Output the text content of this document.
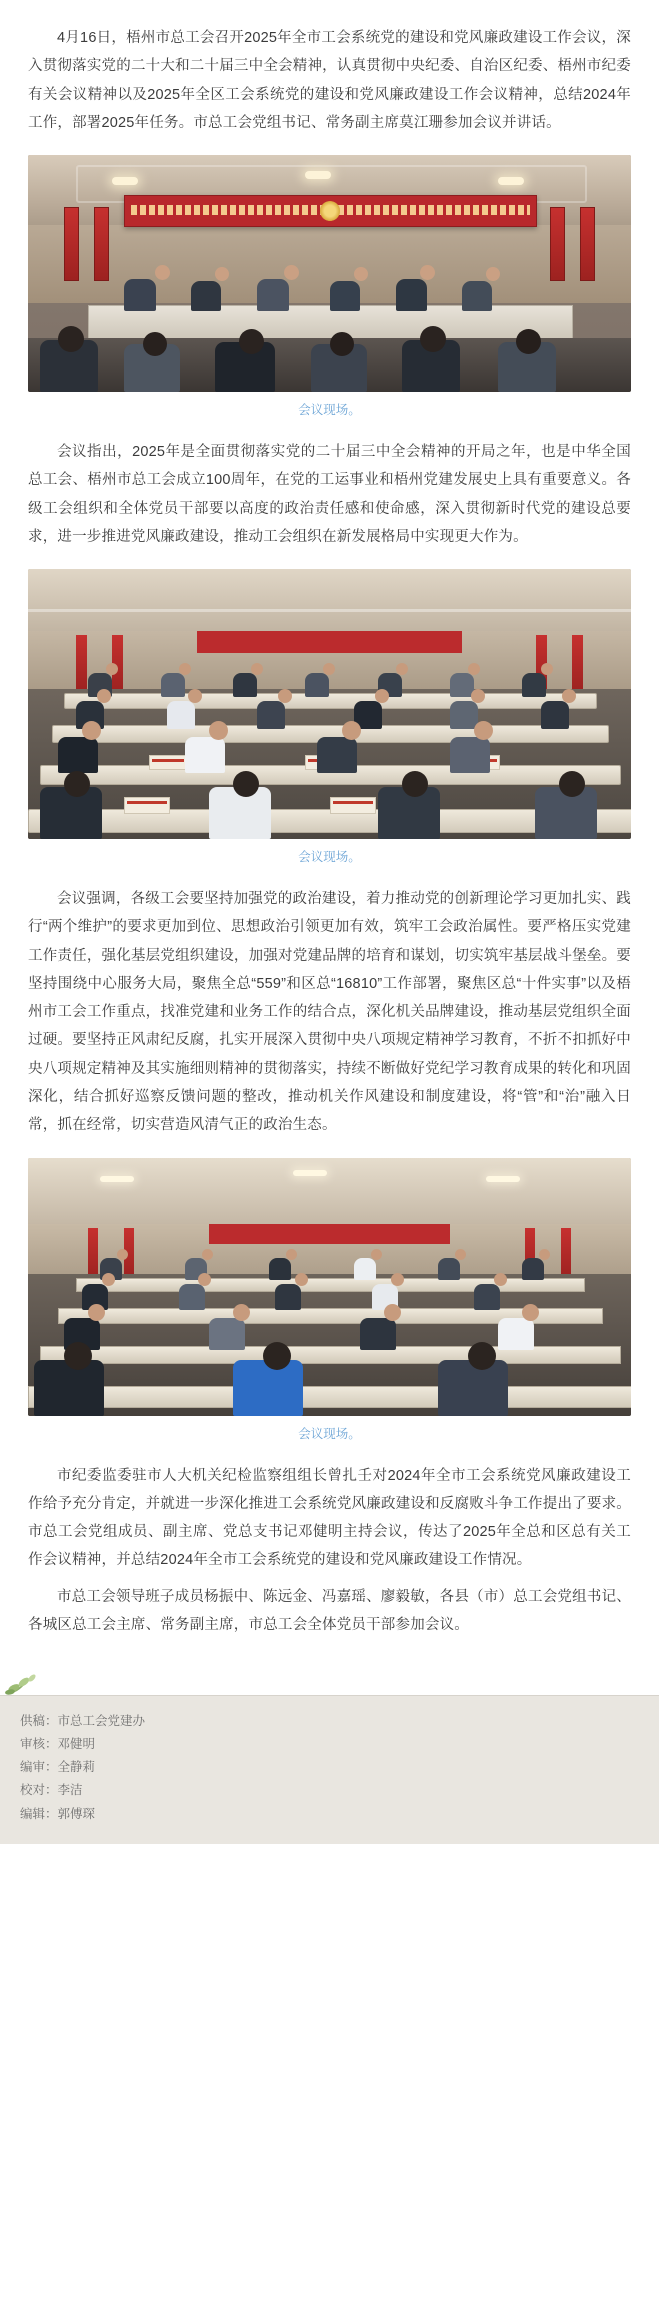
4月16日，梧州市总工会召开2025年全市工会系统党的建设和党风廉政建设工作会议，深入贯彻落实党的二十大和二十届三中全会精神，认真贯彻中央纪委、自治区纪委、梧州市纪委有关会议精神以及2025年全区工会系统党的建设和党风廉政建设工作会议精神，总结2024年工作，部署2025年任务。市总工会党组书记、常务副主席莫江珊参加会议并讲话。

会议现场。

会议指出，2025年是全面贯彻落实党的二十届三中全会精神的开局之年，也是中华全国总工会、梧州市总工会成立100周年，在党的工运事业和梧州党建发展史上具有重要意义。各级工会组织和全体党员干部要以高度的政治责任感和使命感，深入贯彻新时代党的建设总要求，进一步推进党风廉政建设，推动工会组织在新发展格局中实现更大作为。

会议现场。

会议强调，各级工会要坚持加强党的政治建设，着力推动党的创新理论学习更加扎实、践行“两个维护”的要求更加到位、思想政治引领更加有效，筑牢工会政治属性。要严格压实党建工作责任，强化基层党组织建设，加强对党建品牌的培育和谋划，切实筑牢基层战斗堡垒。要坚持围绕中心服务大局，聚焦全总“559”和区总“16810”工作部署，聚焦区总“十件实事”以及梧州市工会工作重点，找准党建和业务工作的结合点，深化机关品牌建设，推动基层党组织全面过硬。要坚持正风肃纪反腐，扎实开展深入贯彻中央八项规定精神学习教育，不折不扣抓好中央八项规定精神及其实施细则精神的贯彻落实，持续不断做好党纪学习教育成果的转化和巩固深化，结合抓好巡察反馈问题的整改，推动机关作风建设和制度建设，将“管”和“治”融入日常，抓在经常，切实营造风清气正的政治生态。

会议现场。

市纪委监委驻市人大机关纪检监察组组长曾扎壬对2024年全市工会系统党风廉政建设工作给予充分肯定，并就进一步深化推进工会系统党风廉政建设和反腐败斗争工作提出了要求。市总工会党组成员、副主席、党总支书记邓健明主持会议，传达了2025年全总和区总有关工作会议精神，并总结2024年全市工会系统党的建设和党风廉政建设工作情况。

市总工会领导班子成员杨振中、陈远金、冯嘉瑶、廖毅敏，各县（市）总工会党组书记、各城区总工会主席、常务副主席，市总工会全体党员干部参加会议。

供稿：市总工会党建办
审核：邓健明
编审：全静莉
校对：李洁
编辑：郭傅琛
